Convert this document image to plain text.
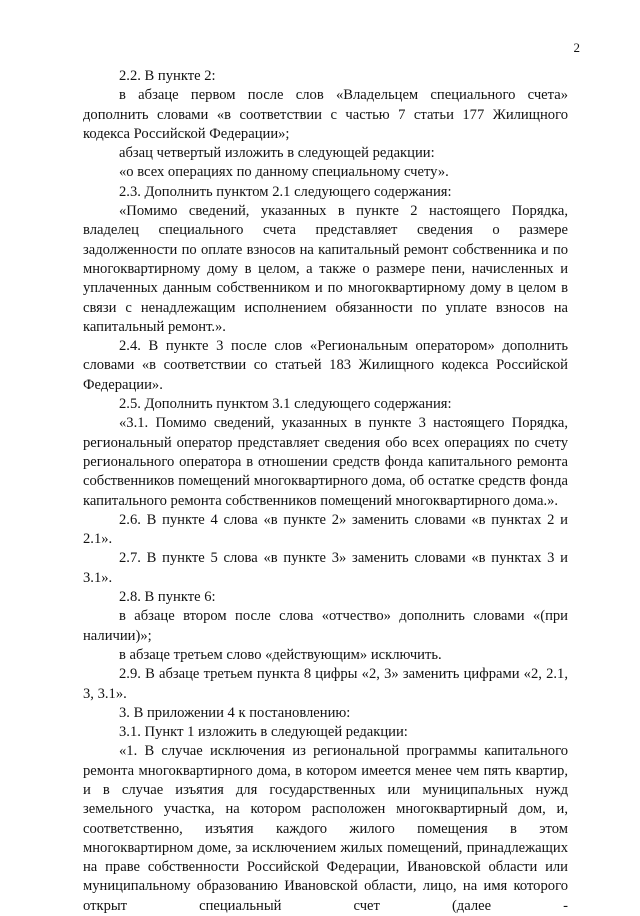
2

2.2. В пункте 2:

в абзаце первом после слов «Владельцем специального счета» дополнить словами «в соответствии с частью 7 статьи 177 Жилищного кодекса Российской Федерации»;

абзац четвертый изложить в следующей редакции:

«о всех операциях по данному специальному счету».

2.3. Дополнить пунктом 2.1 следующего содержания:

«Помимо сведений, указанных в пункте 2 настоящего Порядка, владелец специального счета представляет сведения о размере задолженности по оплате взносов на капитальный ремонт собственника и по многоквартирному дому в целом, а также о размере пени, начисленных и уплаченных данным собственником и по многоквартирному дому в целом в связи с ненадлежащим исполнением обязанности по уплате взносов на капитальный ремонт.».

2.4. В пункте 3 после слов «Региональным оператором» дополнить словами «в соответствии со статьей 183 Жилищного кодекса Российской Федерации».

2.5. Дополнить пунктом 3.1 следующего содержания:

«3.1. Помимо сведений, указанных в пункте 3 настоящего Порядка, региональный оператор представляет сведения обо всех операциях по счету регионального оператора в отношении средств фонда капитального ремонта собственников помещений многоквартирного дома, об остатке средств фонда капитального ремонта собственников помещений многоквартирного дома.».

2.6. В пункте 4 слова «в пункте 2» заменить словами «в пунктах 2 и 2.1».

2.7. В пункте 5 слова «в пункте 3» заменить словами «в пунктах 3 и 3.1».

2.8. В пункте 6:

в абзаце втором после слова «отчество» дополнить словами «(при наличии)»;

в абзаце третьем слово «действующим» исключить.

2.9. В абзаце третьем пункта 8 цифры «2, 3» заменить цифрами «2, 2.1, 3, 3.1».

3. В приложении 4 к постановлению:

3.1. Пункт 1 изложить в следующей редакции:

«1. В случае исключения из региональной программы капитального ремонта многоквартирного дома, в котором имеется менее чем пять квартир, и в случае изъятия для государственных или муниципальных нужд земельного участка, на котором расположен многоквартирный дом, и, соответственно, изъятия каждого жилого помещения в этом многоквартирном доме, за исключением жилых помещений, принадлежащих на праве собственности Российской Федерации, Ивановской области или муниципальному образованию Ивановской области, лицо, на имя которого открыт специальный счет (далее -
